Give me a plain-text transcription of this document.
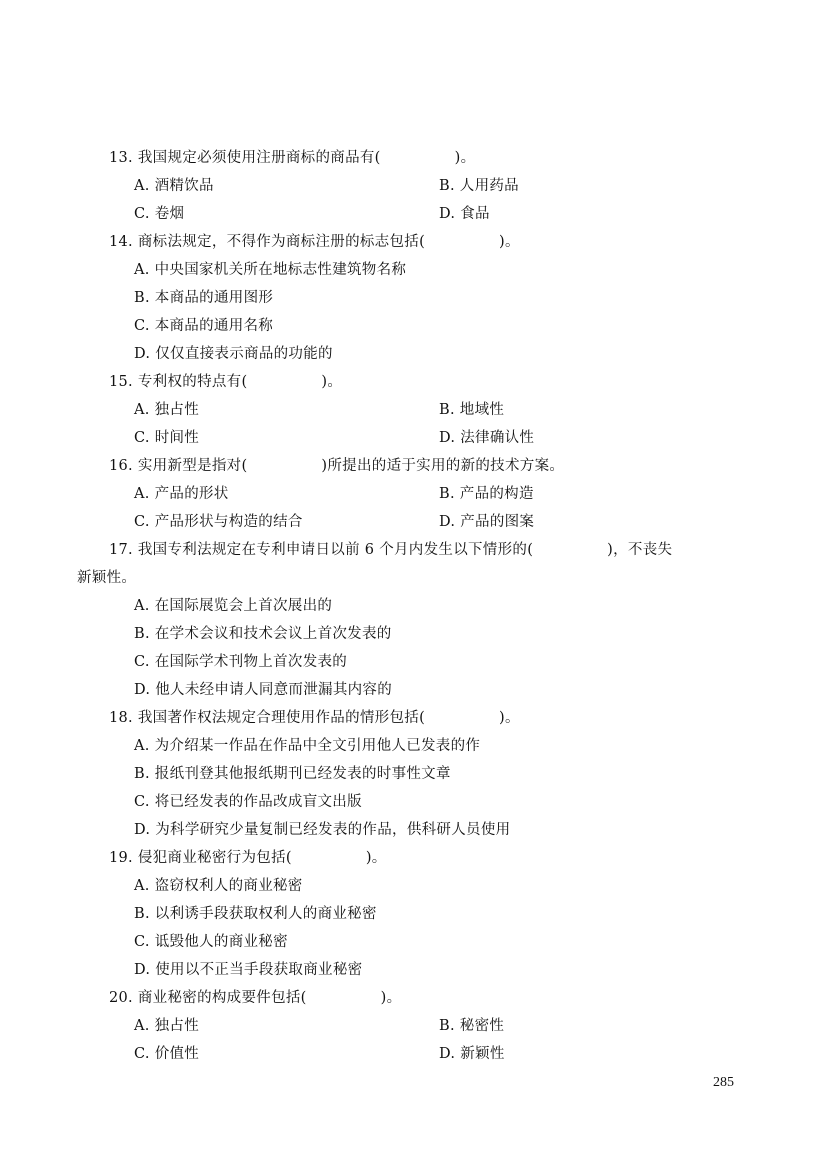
13. 我国规定必须使用注册商标的商品有(　　　　　)。
A. 酒精饮品	B. 人用药品
C. 卷烟	D. 食品
14. 商标法规定，不得作为商标注册的标志包括(　　　　　)。
A. 中央国家机关所在地标志性建筑物名称
B. 本商品的通用图形
C. 本商品的通用名称
D. 仅仅直接表示商品的功能的
15. 专利权的特点有(　　　　　)。
A. 独占性	B. 地域性
C. 时间性	D. 法律确认性
16. 实用新型是指对(　　　　　)所提出的适于实用的新的技术方案。
A. 产品的形状	B. 产品的构造
C. 产品形状与构造的结合	D. 产品的图案
17. 我国专利法规定在专利申请日以前 6 个月内发生以下情形的(　　　　　)，不丧失
新颖性。
A. 在国际展览会上首次展出的
B. 在学术会议和技术会议上首次发表的
C. 在国际学术刊物上首次发表的
D. 他人未经申请人同意而泄漏其内容的
18. 我国著作权法规定合理使用作品的情形包括(　　　　　)。
A. 为介绍某一作品在作品中全文引用他人已发表的作
B. 报纸刊登其他报纸期刊已经发表的时事性文章
C. 将已经发表的作品改成盲文出版
D. 为科学研究少量复制已经发表的作品，供科研人员使用
19. 侵犯商业秘密行为包括(　　　　　)。
A. 盗窃权利人的商业秘密
B. 以利诱手段获取权利人的商业秘密
C. 诋毁他人的商业秘密
D. 使用以不正当手段获取商业秘密
20. 商业秘密的构成要件包括(　　　　　)。
A. 独占性	B. 秘密性
C. 价值性	D. 新颖性
285
